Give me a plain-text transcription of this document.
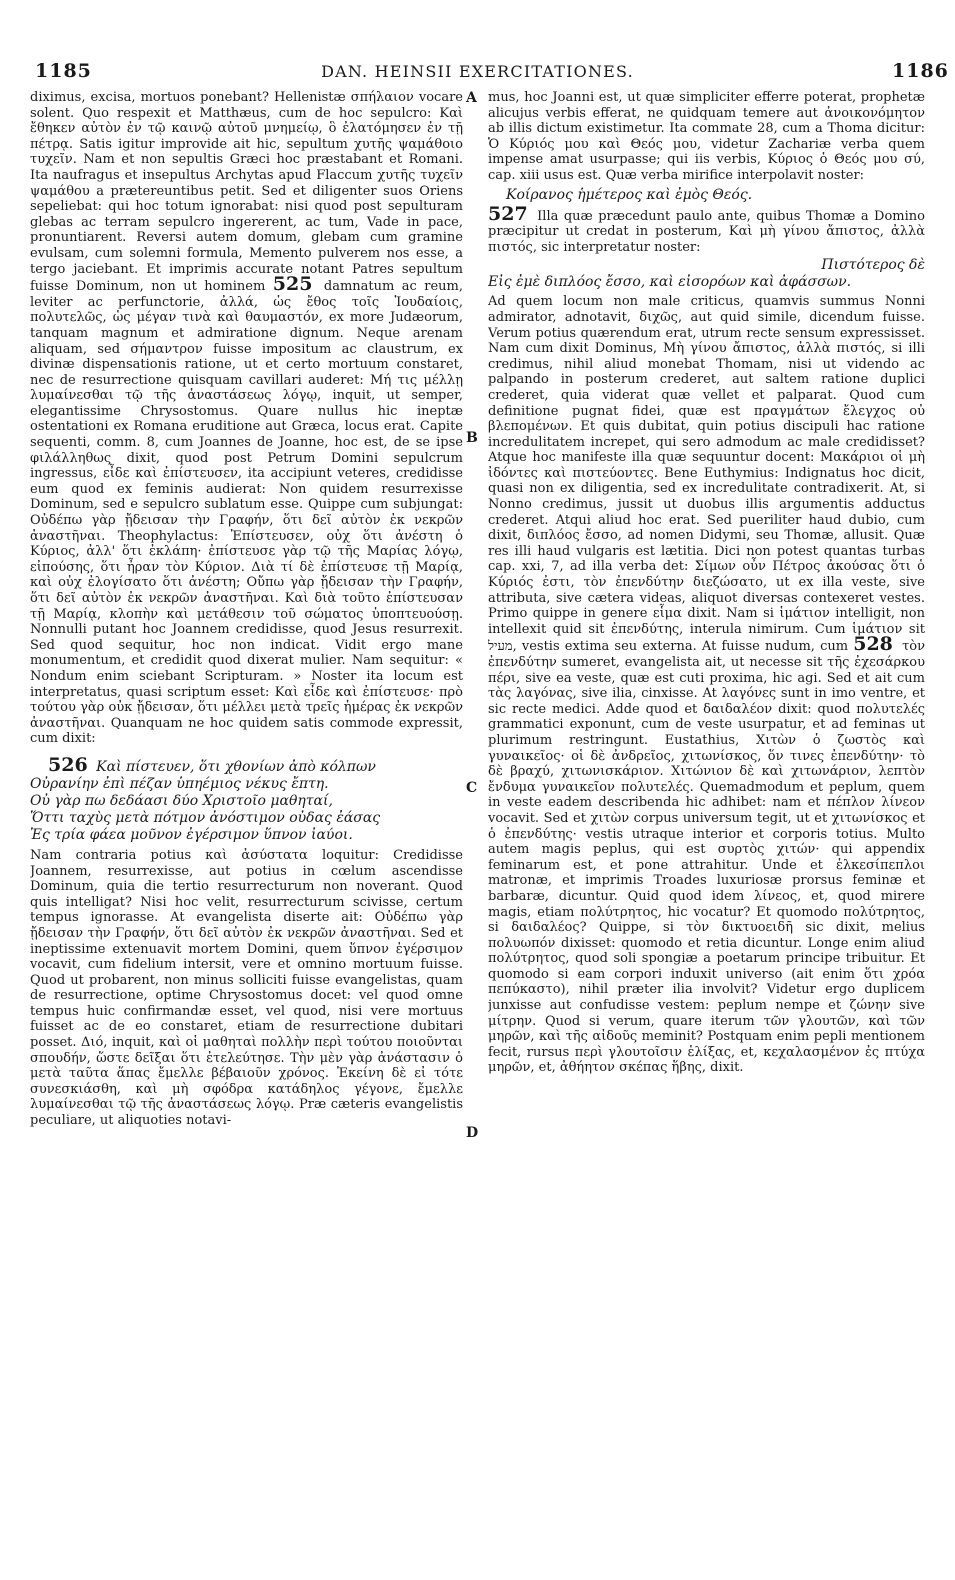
1185	DAN. HEINSII EXERCITATIONES.	1186
A
B
C
D

diximus, excisa, mortuos ponebant? Hellenistæ σπήλαιον vocare solent. Quo respexit et Matthæus, cum de hoc sepulcro: Καὶ ἔθηκεν αὐτὸν ἐν τῷ καινῷ αὐτοῦ μνημείῳ, ὃ ἐλατόμησεν ἐν τῇ πέτρᾳ. Satis igitur improvide ait hic, sepultum χυτῆς ψαμάθοιο τυχεῖν. Nam et non sepultis Græci hoc præstabant et Romani. Ita naufragus et insepultus Archytas apud Flaccum χυτῆς τυχεῖν ψαμάθου a prætereuntibus petit. Sed et diligenter suos Oriens sepeliebat: qui hoc totum ignorabat: nisi quod post sepulturam glebas ac terram sepulcro ingererent, ac tum, Vade in pace, pronuntiarent. Reversi autem domum, glebam cum gramine evulsam, cum solemni formula, Memento pulverem nos esse, a tergo jaciebant. Et imprimis accurate notant Patres sepultum fuisse Dominum, non ut hominem 525 damnatum ac reum, leviter ac perfunctorie, ἀλλά, ὡς ἔθος τοῖς Ἰουδαίοις, πολυτελῶς, ὡς μέγαν τινὰ καὶ θαυμαστόν, ex more Judæorum, tanquam magnum et admiratione dignum. Neque arenam aliquam, sed σήμαντρον fuisse impositum ac claustrum, ex divinæ dispensationis ratione, ut et certo mortuum constaret, nec de resurrectione quisquam cavillari auderet: Μή τις μέλλῃ λυμαίνεσθαι τῷ τῆς ἀναστάσεως λόγῳ, inquit, ut semper, elegantissime Chrysostomus. Quare nullus hic ineptæ ostentationi ex Romana eruditione aut Græca, locus erat. Capite sequenti, comm. 8, cum Joannes de Joanne, hoc est, de se ipse φιλάλληθως dixit, quod post Petrum Domini sepulcrum ingressus, εἶδε καὶ ἐπίστευσεν, ita accipiunt veteres, credidisse eum quod ex feminis audierat: Non quidem resurrexisse Dominum, sed e sepulcro sublatum esse. Quippe cum subjungat: Οὐδέπω γὰρ ᾔδεισαν τὴν Γραφήν, ὅτι δεῖ αὐτὸν ἐκ νεκρῶν ἀναστῆναι. Theophylactus: Ἐπίστευσεν, οὐχ ὅτι ἀνέστη ὁ Κύριος, ἀλλ' ὅτι ἐκλάπη· ἐπίστευσε γὰρ τῷ τῆς Μαρίας λόγῳ, εἰπούσης, ὅτι ἦραν τὸν Κύριον. Διὰ τί δὲ ἐπίστευσε τῇ Μαρίᾳ, καὶ οὐχ ἐλογίσατο ὅτι ἀνέστη; Οὔπω γὰρ ᾔδεισαν τὴν Γραφήν, ὅτι δεῖ αὐτὸν ἐκ νεκρῶν ἀναστῆναι. Καὶ διὰ τοῦτο ἐπίστευσαν τῇ Μαρίᾳ, κλοπὴν καὶ μετάθεσιν τοῦ σώματος ὑποπτευούσῃ. Nonnulli putant hoc Joannem credidisse, quod Jesus resurrexit. Sed quod sequitur, hoc non indicat. Vidit ergo mane monumentum, et credidit quod dixerat mulier. Nam sequitur: « Nondum enim sciebant Scripturam. » Noster ita locum est interpretatus, quasi scriptum esset: Καὶ εἶδε καὶ ἐπίστευσε· πρὸ τούτου γὰρ οὐκ ᾔδεισαν, ὅτι μέλλει μετὰ τρεῖς ἡμέρας ἐκ νεκρῶν ἀναστῆναι. Quanquam ne hoc quidem satis commode expressit, cum dixit:

526 Καὶ πίστευεν, ὅτι χθονίων ἀπὸ κόλπων

Οὐρανίην ἐπὶ πέζαν ὑπηέμιος νέκυς ἔπτη.

Οὐ γὰρ πω δεδάασι δύο Χριστοῖο μαθηταί,

Ὅττι ταχὺς μετὰ πότμον ἀνόστιμον οὐδας ἐάσας

Ἐς τρία φάεα μοῦνον ἐγέρσιμον ὕπνον ἰαύοι.

Nam contraria potius καὶ ἀσύστατα loquitur: Credidisse Joannem, resurrexisse, aut potius in cœlum ascendisse Dominum, quia die tertio resurrecturum non noverant. Quod quis intelligat? Nisi hoc velit, resurrecturum scivisse, certum tempus ignorasse. At evangelista diserte ait: Οὐδέπω γὰρ ᾔδεισαν τὴν Γραφήν, ὅτι δεῖ αὐτὸν ἐκ νεκρῶν ἀναστῆναι. Sed et ineptissime extenuavit mortem Domini, quem ὕπνον ἐγέρσιμον vocavit, cum fidelium intersit, vere et omnino mortuum fuisse. Quod ut probarent, non minus solliciti fuisse evangelistas, quam de resurrectione, optime Chrysostomus docet: vel quod omne tempus huic confirmandæ esset, vel quod, nisi vere mortuus fuisset ac de eo constaret, etiam de resurrectione dubitari posset. Διό, inquit, καὶ οἱ μαθηταὶ πολλὴν περὶ τούτου ποιοῦνται σπουδήν, ὥστε δεῖξαι ὅτι ἐτελεύτησε. Τὴν μὲν γὰρ ἀνάστασιν ὁ μετὰ ταῦτα ἅπας ἔμελλε βέβαιοῦν χρόνος. Ἐκείνη δὲ εἰ τότε συνεσκιάσθη, καὶ μὴ σφόδρα κατάδηλος γέγονε, ἔμελλε λυμαίνεσθαι τῷ τῆς ἀναστάσεως λόγῳ. Præ cæteris evangelistis peculiare, ut aliquoties notavi-

mus, hoc Joanni est, ut quæ simpliciter efferre poterat, prophetæ alicujus verbis efferat, ne quidquam temere aut ἀνοικονόμητον ab illis dictum existimetur. Ita commate 28, cum a Thoma dicitur: Ὁ Κύριός μου καὶ Θεός μου, videtur Zachariæ verba quem impense amat usurpasse; qui iis verbis, Κύριος ὁ Θεός μου σύ, cap. xiii usus est. Quæ verba mirifice interpolavit noster:

Κοίρανος ἡμέτερος καὶ ἐμὸς Θεός.

527 Illa quæ præcedunt paulo ante, quibus Thomæ a Domino præcipitur ut credat in posterum, Καὶ μὴ γίνου ἄπιστος, ἀλλὰ πιστός, sic interpretatur noster:

Πιστότερος δὲ

Εἰς ἐμὲ διπλόος ἔσσο, καὶ εἰσορόων καὶ ἀφάσσων.

Ad quem locum non male criticus, quamvis summus Nonni admirator, adnotavit, διχῶς, aut quid simile, dicendum fuisse. Verum potius quærendum erat, utrum recte sensum expressisset. Nam cum dixit Dominus, Μὴ γίνου ἄπιστος, ἀλλὰ πιστός, si illi credimus, nihil aliud monebat Thomam, nisi ut videndo ac palpando in posterum crederet, aut saltem ratione duplici crederet, quia viderat quæ vellet et palparat. Quod cum definitione pugnat fidei, quæ est πραγμάτων ἔλεγχος οὐ βλεπομένων. Et quis dubitat, quin potius discipuli hac ratione incredulitatem increpet, qui sero admodum ac male credidisset? Atque hoc manifeste illa quæ sequuntur docent: Μακάριοι οἱ μὴ ἰδόντες καὶ πιστεύοντες. Bene Euthymius: Indignatus hoc dicit, quasi non ex diligentia, sed ex incredulitate contradixerit. At, si Nonno credimus, jussit ut duobus illis argumentis adductus crederet. Atqui aliud hoc erat. Sed pueriliter haud dubio, cum dixit, διπλόος ἔσσο, ad nomen Didymi, seu Thomæ, allusit. Quæ res illi haud vulgaris est lætitia. Dici non potest quantas turbas cap. xxi, 7, ad illa verba det: Σίμων οὖν Πέτρος ἀκούσας ὅτι ὁ Κύριός ἐστι, τὸν ἐπενδύτην διεζώσατο, ut ex illa veste, sive attributa, sive cætera videas, aliquot diversas contexeret vestes. Primo quippe in genere εἷμα dixit. Nam si ἱμάτιον intelligit, non intellexit quid sit ἐπενδύτης, interula nimirum. Cum ἱμάτιον sit מעיל, vestis extima seu externa. At fuisse nudum, cum 528 τὸν ἐπενδύτην sumeret, evangelista ait, ut necesse sit τῆς ἐχεσάρκου πέρι, sive ea veste, quæ est cuti proxima, hic agi. Sed et ait cum τὰς λαγόνας, sive ilia, cinxisse. At λαγόνες sunt in imo ventre, et sic recte medici. Adde quod et δαιδαλέον dixit: quod πολυτελές grammatici exponunt, cum de veste usurpatur, et ad feminas ut plurimum restringunt. Eustathius, Χιτὼν ὁ ζωστὸς καὶ γυναικεῖος· οἱ δὲ ἀνδρεῖος, χιτωνίσκος, ὅν τινες ἐπενδύτην· τὸ δὲ βραχύ, χιτωνισκάριον. Χιτώνιον δὲ καὶ χιτωνάριον, λεπτὸν ἔνδυμα γυναικεῖον πολυτελές. Quemadmodum et peplum, quem in veste eadem describenda hic adhibet: nam et πέπλον λίνεον vocavit. Sed et χιτὼν corpus universum tegit, ut et χιτωνίσκος et ὁ ἐπενδύτης· vestis utraque interior et corporis totius. Multo autem magis peplus, qui est συρτὸς χιτών· qui appendix feminarum est, et pone attrahitur. Unde et ἑλκεσίπεπλοι matronæ, et imprimis Troades luxuriosæ prorsus feminæ et barbaræ, dicuntur. Quid quod idem λίνεος, et, quod mirere magis, etiam πολύτρητος, hic vocatur? Et quomodo πολύτρητος, si δαιδαλέος? Quippe, si τὸν δικτυοειδῆ sic dixit, melius πολυωπόν dixisset: quomodo et retia dicuntur. Longe enim aliud πολύτρητος, quod soli spongiæ a poetarum principe tribuitur. Et quomodo si eam corpori induxit universo (ait enim ὅτι χρόα πεπύκαστο), nihil præter ilia involvit? Videtur ergo duplicem junxisse aut confudisse vestem: peplum nempe et ζώνην sive μίτρην. Quod si verum, quare iterum τῶν γλουτῶν, καὶ τῶν μηρῶν, καὶ τῆς αἰδοῦς meminit? Postquam enim pepli mentionem fecit, rursus περὶ γλουτοῖσιν ἑλίξας, et, κεχαλασμένον ἐς πτύχα μηρῶν, et, ἀθήητον σκέπας ἥβης, dixit.
